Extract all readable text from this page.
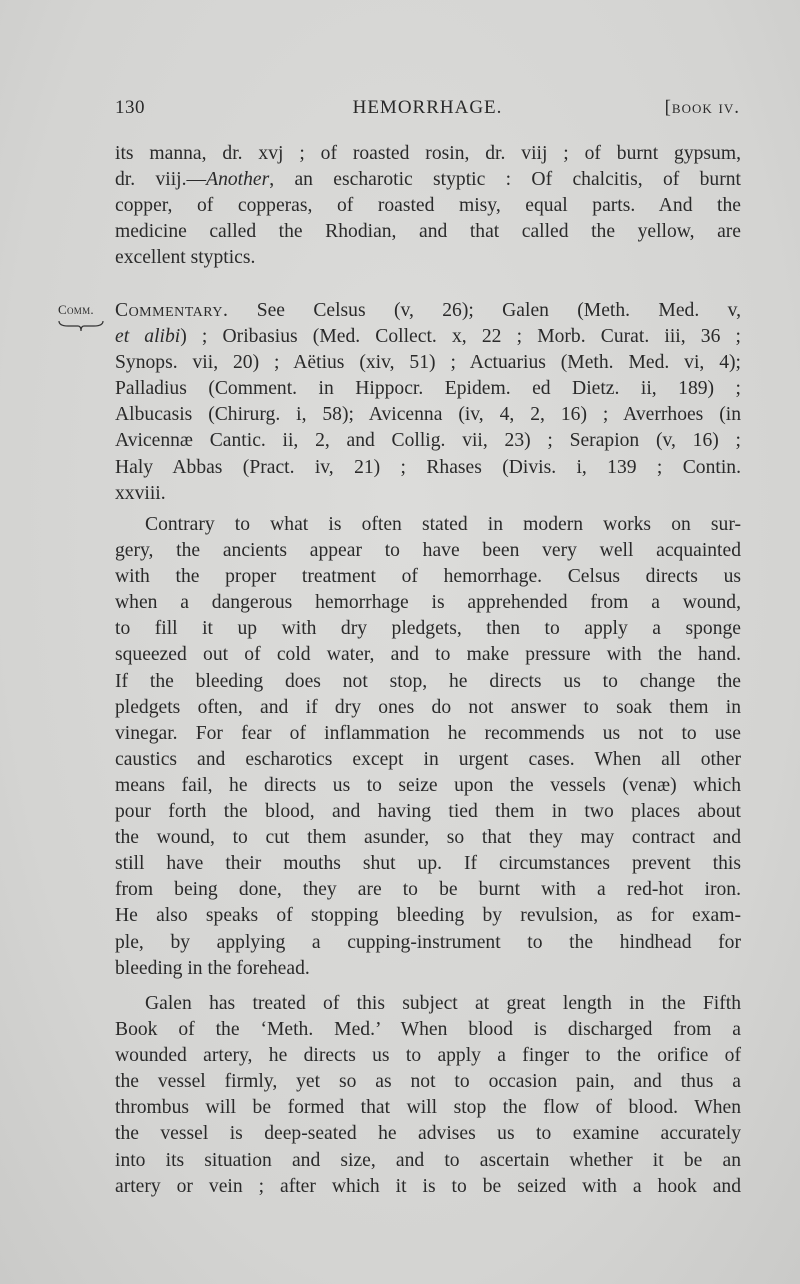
130	HEMORRHAGE.	[book iv.
its manna, dr. xvj ; of roasted rosin, dr. viij ; of burnt gypsum,
dr. viij.—Another, an escharotic styptic : Of chalcitis, of burnt
copper, of copperas, of roasted misy, equal parts. And the
medicine called the Rhodian, and that called the yellow, are
excellent styptics.
Comm. Commentary. See Celsus (v, 26); Galen (Meth. Med. v,
et alibi) ; Oribasius (Med. Collect. x, 22 ; Morb. Curat. iii, 36 ;
Synops. vii, 20) ; Aëtius (xiv, 51) ; Actuarius (Meth. Med. vi, 4);
Palladius (Comment. in Hippocr. Epidem. ed Dietz. ii, 189) ;
Albucasis (Chirurg. i, 58); Avicenna (iv, 4, 2, 16) ; Averrhoes (in
Avicennæ Cantic. ii, 2, and Collig. vii, 23) ; Serapion (v, 16) ;
Haly Abbas (Pract. iv, 21) ; Rhases (Divis. i, 139 ; Contin.
xxviii.
Contrary to what is often stated in modern works on sur-
gery, the ancients appear to have been very well acquainted
with the proper treatment of hemorrhage. Celsus directs us
when a dangerous hemorrhage is apprehended from a wound,
to fill it up with dry pledgets, then to apply a sponge
squeezed out of cold water, and to make pressure with the hand.
If the bleeding does not stop, he directs us to change the
pledgets often, and if dry ones do not answer to soak them in
vinegar. For fear of inflammation he recommends us not to use
caustics and escharotics except in urgent cases. When all other
means fail, he directs us to seize upon the vessels (venæ) which
pour forth the blood, and having tied them in two places about
the wound, to cut them asunder, so that they may contract and
still have their mouths shut up. If circumstances prevent this
from being done, they are to be burnt with a red-hot iron.
He also speaks of stopping bleeding by revulsion, as for exam-
ple, by applying a cupping-instrument to the hindhead for
bleeding in the forehead.
Galen has treated of this subject at great length in the Fifth
Book of the ‘Meth. Med.’ When blood is discharged from a
wounded artery, he directs us to apply a finger to the orifice of
the vessel firmly, yet so as not to occasion pain, and thus a
thrombus will be formed that will stop the flow of blood. When
the vessel is deep-seated he advises us to examine accurately
into its situation and size, and to ascertain whether it be an
artery or vein ; after which it is to be seized with a hook and
